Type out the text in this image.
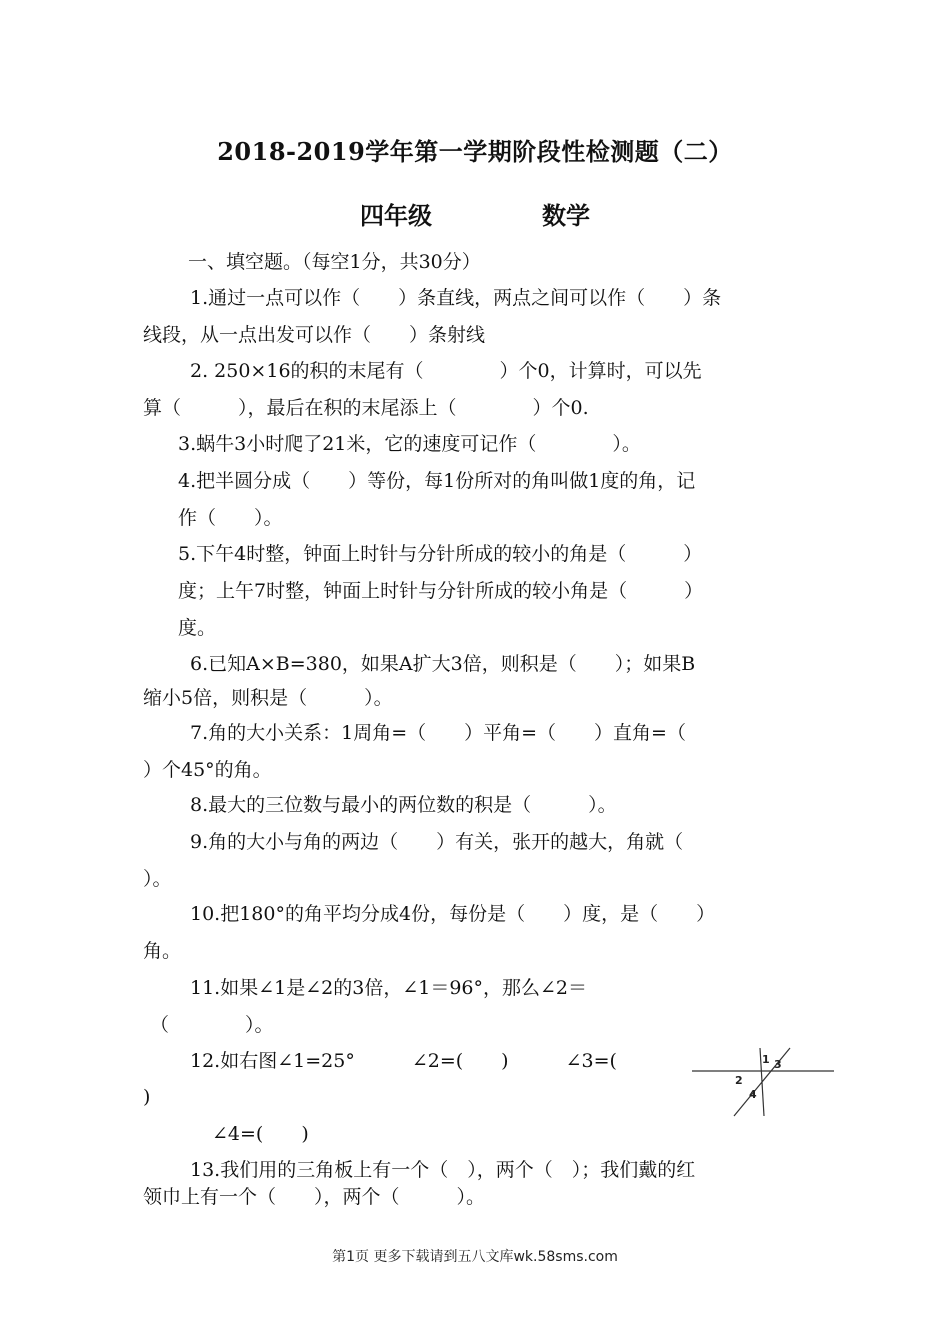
2018-2019学年第一学期阶段性检测题（二）
四年级	数学
一、填空题。（每空1分，共30分）
1.通过一点可以作（　　）条直线，两点之间可以作（　　）条
线段，从一点出发可以作（　　）条射线
2. 250×16的积的末尾有（　　　　）个0，计算时，可以先
算（　　　），最后在积的末尾添上（　　　　）个0.
3.蜗牛3小时爬了21米，它的速度可记作（　　　　）。
4.把半圆分成（　　）等份，每1份所对的角叫做1度的角，记
作（　　）。
5.下午4时整，钟面上时针与分针所成的较小的角是（　　　）
度；上午7时整，钟面上时针与分针所成的较小角是（　　　）
度。
6.已知A×B=380，如果A扩大3倍，则积是（　　）；如果B
缩小5倍，则积是（　　　）。
7.角的大小关系：1周角=（　　）平角=（　　）直角=（
）个45°的角。
8.最大的三位数与最小的两位数的积是（　　　）。
9.角的大小与角的两边（　　）有关，张开的越大，角就（
）。
10.把180°的角平均分成4份，每份是（　　）度，是（　　）
角。
11.如果∠1是∠2的3倍，∠1＝96°，那么∠2＝
（　　　　）。
12.如右图∠1=25°　　　∠2=(　　)　　　∠3=(
)
∠4=(　　)
13.我们用的三角板上有一个（　），两个（　）；我们戴的红
领巾上有一个（　　），两个（　　　）。
1 3
2
4
第1页 更多下载请到五八文库wk.58sms.com
